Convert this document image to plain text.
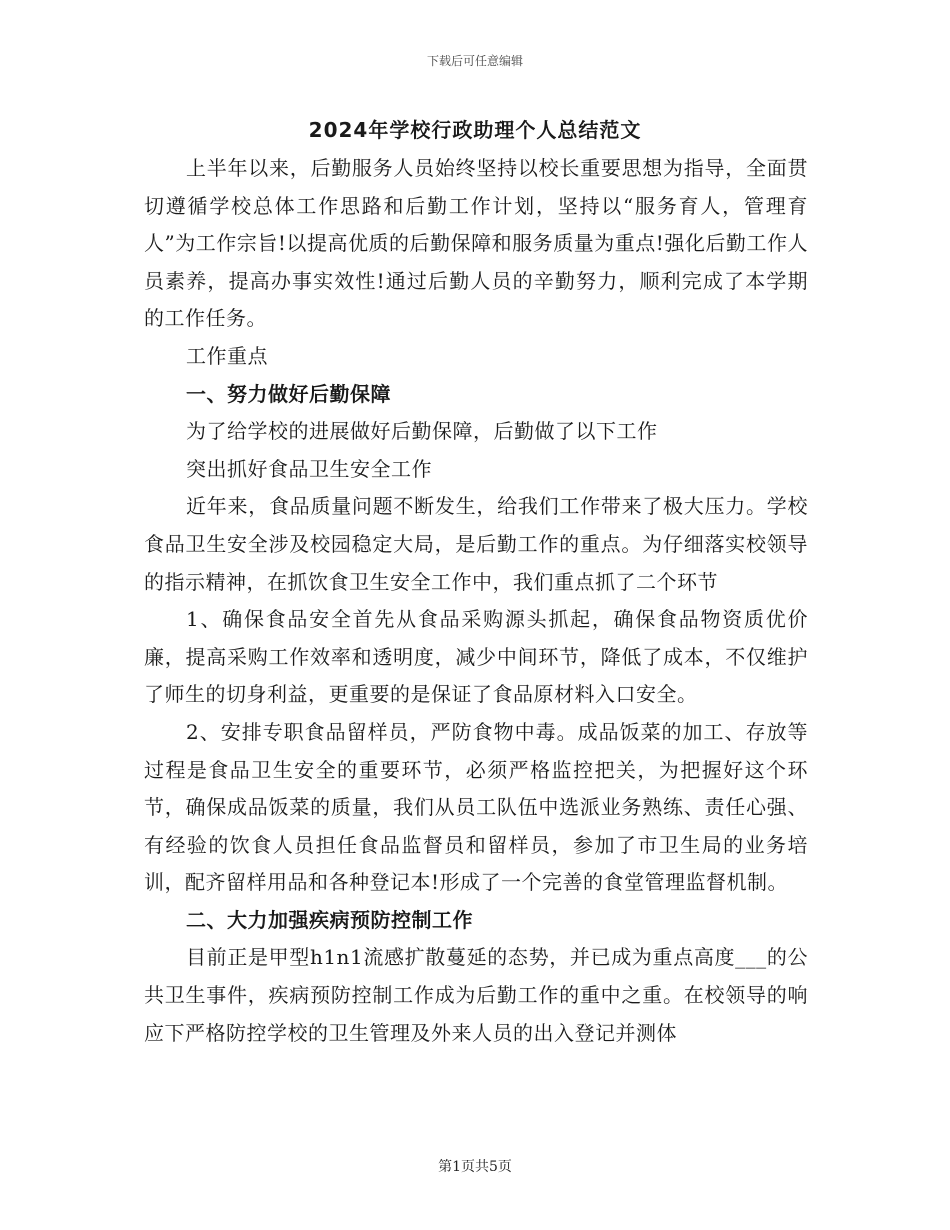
下载后可任意编辑
2024年学校行政助理个人总结范文

上半年以来，后勤服务人员始终坚持以校长重要思想为指导，全面贯切遵循学校总体工作思路和后勤工作计划，坚持以“服务育人，管理育人”为工作宗旨!以提高优质的后勤保障和服务质量为重点!强化后勤工作人员素养，提高办事实效性!通过后勤人员的辛勤努力，顺利完成了本学期的工作任务。

工作重点

一、努力做好后勤保障

为了给学校的进展做好后勤保障，后勤做了以下工作

突出抓好食品卫生安全工作

近年来，食品质量问题不断发生，给我们工作带来了极大压力。学校食品卫生安全涉及校园稳定大局，是后勤工作的重点。为仔细落实校领导的指示精神，在抓饮食卫生安全工作中，我们重点抓了二个环节

1、确保食品安全首先从食品采购源头抓起，确保食品物资质优价廉，提高采购工作效率和透明度，减少中间环节，降低了成本，不仅维护了师生的切身利益，更重要的是保证了食品原材料入口安全。

2、安排专职食品留样员，严防食物中毒。成品饭菜的加工、存放等过程是食品卫生安全的重要环节，必须严格监控把关，为把握好这个环节，确保成品饭菜的质量，我们从员工队伍中选派业务熟练、责任心强、有经验的饮食人员担任食品监督员和留样员，参加了市卫生局的业务培训，配齐留样用品和各种登记本!形成了一个完善的食堂管理监督机制。

二、大力加强疾病预防控制工作

目前正是甲型h1n1流感扩散蔓延的态势，并已成为重点高度___的公共卫生事件，疾病预防控制工作成为后勤工作的重中之重。在校领导的响应下严格防控学校的卫生管理及外来人员的出入登记并测体

第1页共5页
